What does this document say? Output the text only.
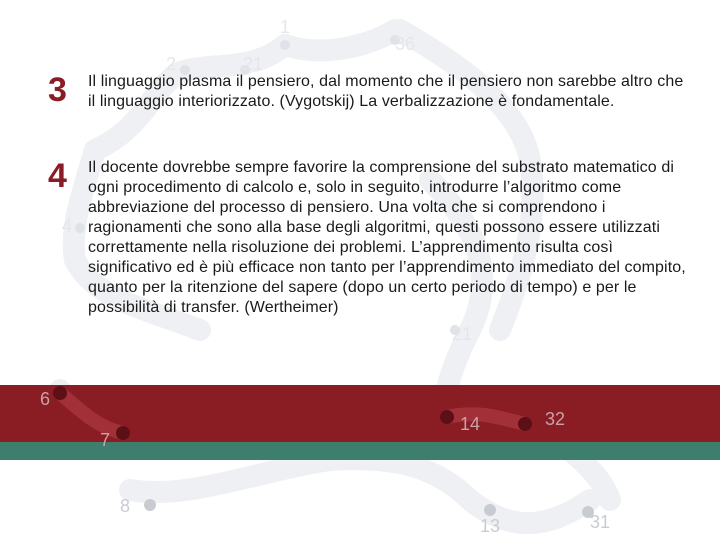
1
36
2	21
4
21
6
7
14	32
8
13	31
3	Il linguaggio plasma il pensiero, dal momento che il pensiero non sarebbe altro che il linguaggio interiorizzato. (Vygotskij) La verbalizzazione è fondamentale.
4	Il docente dovrebbe sempre favorire la comprensione del substrato matematico di ogni procedimento di calcolo e, solo in seguito, introdurre l’algoritmo come abbreviazione del processo di pensiero. Una volta che si comprendono i ragionamenti che sono alla base degli algoritmi, questi possono essere utilizzati correttamente nella risoluzione dei problemi. L’apprendimento risulta così significativo ed è più efficace non tanto per l’apprendimento immediato del compito, quanto per la ritenzione del sapere (dopo un certo periodo di tempo) e per le possibilità di transfer. (Wertheimer)
